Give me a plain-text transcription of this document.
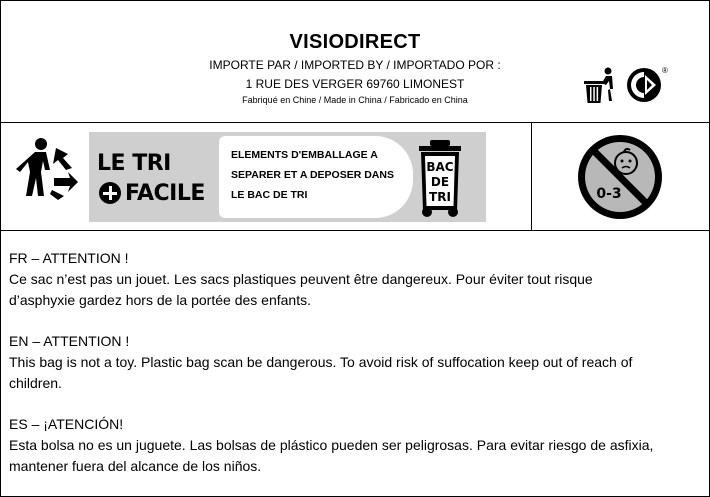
VISIODIRECT
IMPORTE PAR / IMPORTED BY / IMPORTADO POR :
1 RUE DES VERGER 69760 LIMONEST
Fabriqué en Chine / Made in China / Fabricado en China
®
LE TRI
FACILE
ELEMENTS D'EMBALLAGE A
SEPARER ET A DEPOSER DANS
LE BAC DE TRI
BAC
DE
TRI	0-3
FR – ATTENTION !
Ce sac n’est pas un jouet. Les sacs plastiques peuvent être dangereux. Pour éviter tout risque
d’asphyxie gardez hors de la portée des enfants.
EN – ATTENTION !
This bag is not a toy. Plastic bag scan be dangerous. To avoid risk of suffocation keep out of reach of
children.
ES – ¡ATENCIÓN!
Esta bolsa no es un juguete. Las bolsas de plástico pueden ser peligrosas. Para evitar riesgo de asfixia,
mantener fuera del alcance de los niños.
